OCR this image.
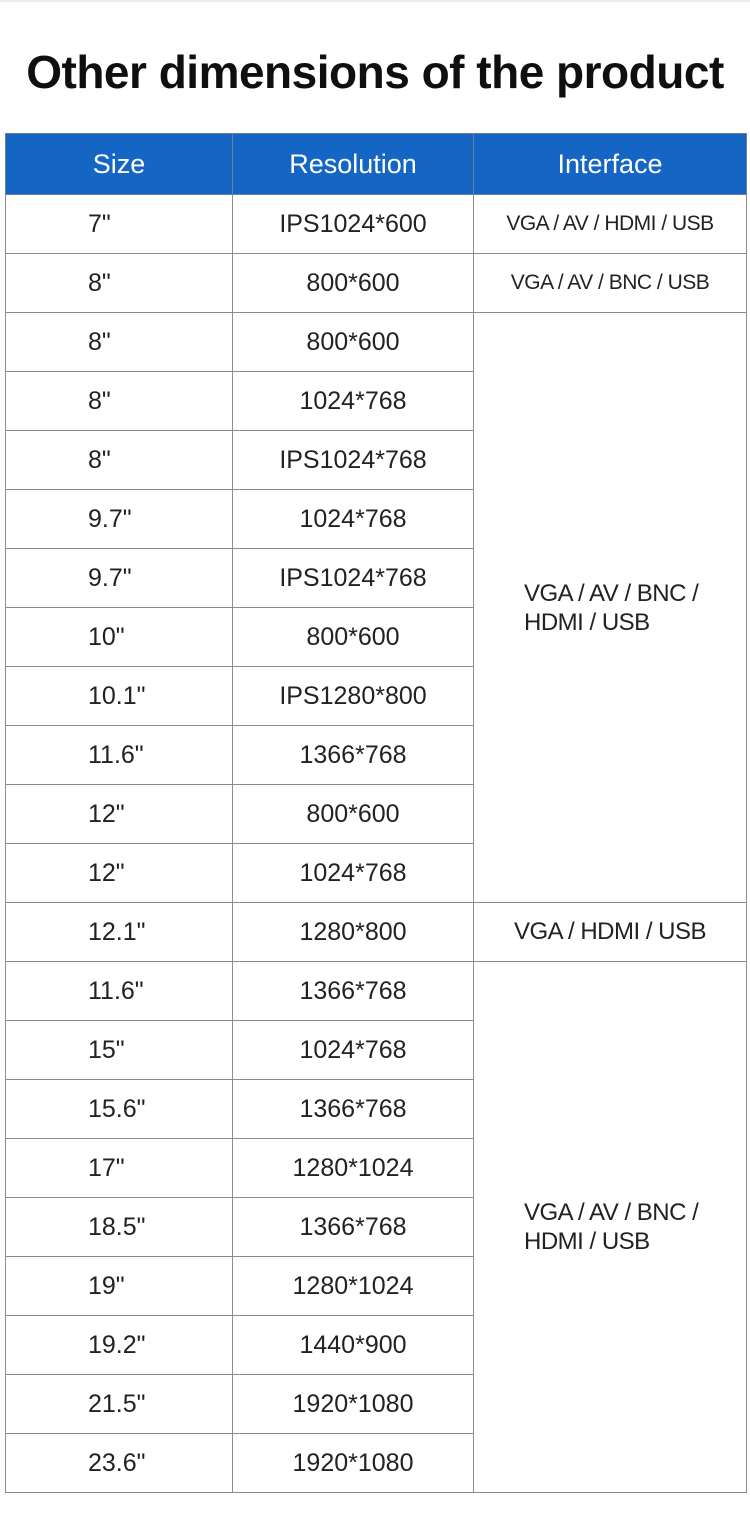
Other dimensions of the product
Size	Resolution	Interface
7"	IPS1024*600	VGA / AV / HDMI / USB
8"	800*600	VGA / AV / BNC / USB
8"	800*600	VGA / AV / BNC /
HDMI / USB

8"	1024*768	
8"	IPS1024*768	
9.7"	1024*768	
9.7"	IPS1024*768	
10"	800*600	
10.1"	IPS1280*800	
11.6"	1366*768	
12"	800*600	
12"	1024*768	
12.1"	1280*800	VGA / HDMI / USB
11.6"	1366*768	VGA / AV / BNC /
HDMI / USB

15"	1024*768	
15.6"	1366*768	
17"	1280*1024	
18.5"	1366*768	
19"	1280*1024	
19.2"	1440*900	
21.5"	1920*1080	
23.6"	1920*1080	
